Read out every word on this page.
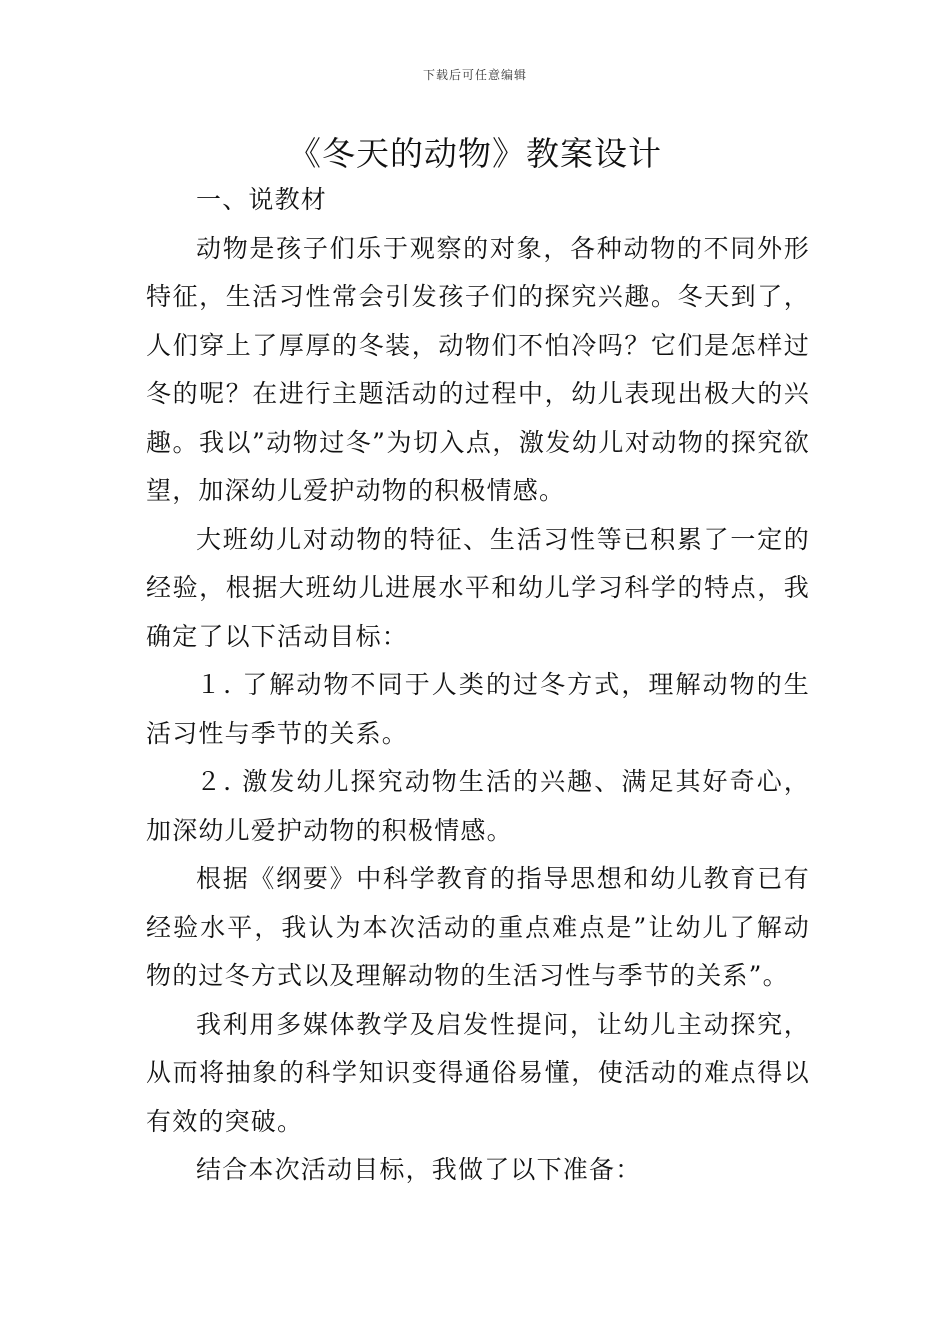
下载后可任意编辑
《冬天的动物》教案设计

一、说教材

动物是孩子们乐于观察的对象，各种动物的不同外形特征，生活习性常会引发孩子们的探究兴趣。冬天到了，人们穿上了厚厚的冬装，动物们不怕冷吗？它们是怎样过冬的呢？在进行主题活动的过程中，幼儿表现出极大的兴趣。我以”动物过冬”为切入点，激发幼儿对动物的探究欲望，加深幼儿爱护动物的积极情感。

大班幼儿对动物的特征、生活习性等已积累了一定的经验，根据大班幼儿进展水平和幼儿学习科学的特点，我确定了以下活动目标：

１. 了解动物不同于人类的过冬方式，理解动物的生活习性与季节的关系。

２. 激发幼儿探究动物生活的兴趣、满足其好奇心，加深幼儿爱护动物的积极情感。

根据《纲要》中科学教育的指导思想和幼儿教育已有经验水平，我认为本次活动的重点难点是”让幼儿了解动物的过冬方式以及理解动物的生活习性与季节的关系”。

我利用多媒体教学及启发性提问，让幼儿主动探究，从而将抽象的科学知识变得通俗易懂，使活动的难点得以有效的突破。

结合本次活动目标，我做了以下准备：
